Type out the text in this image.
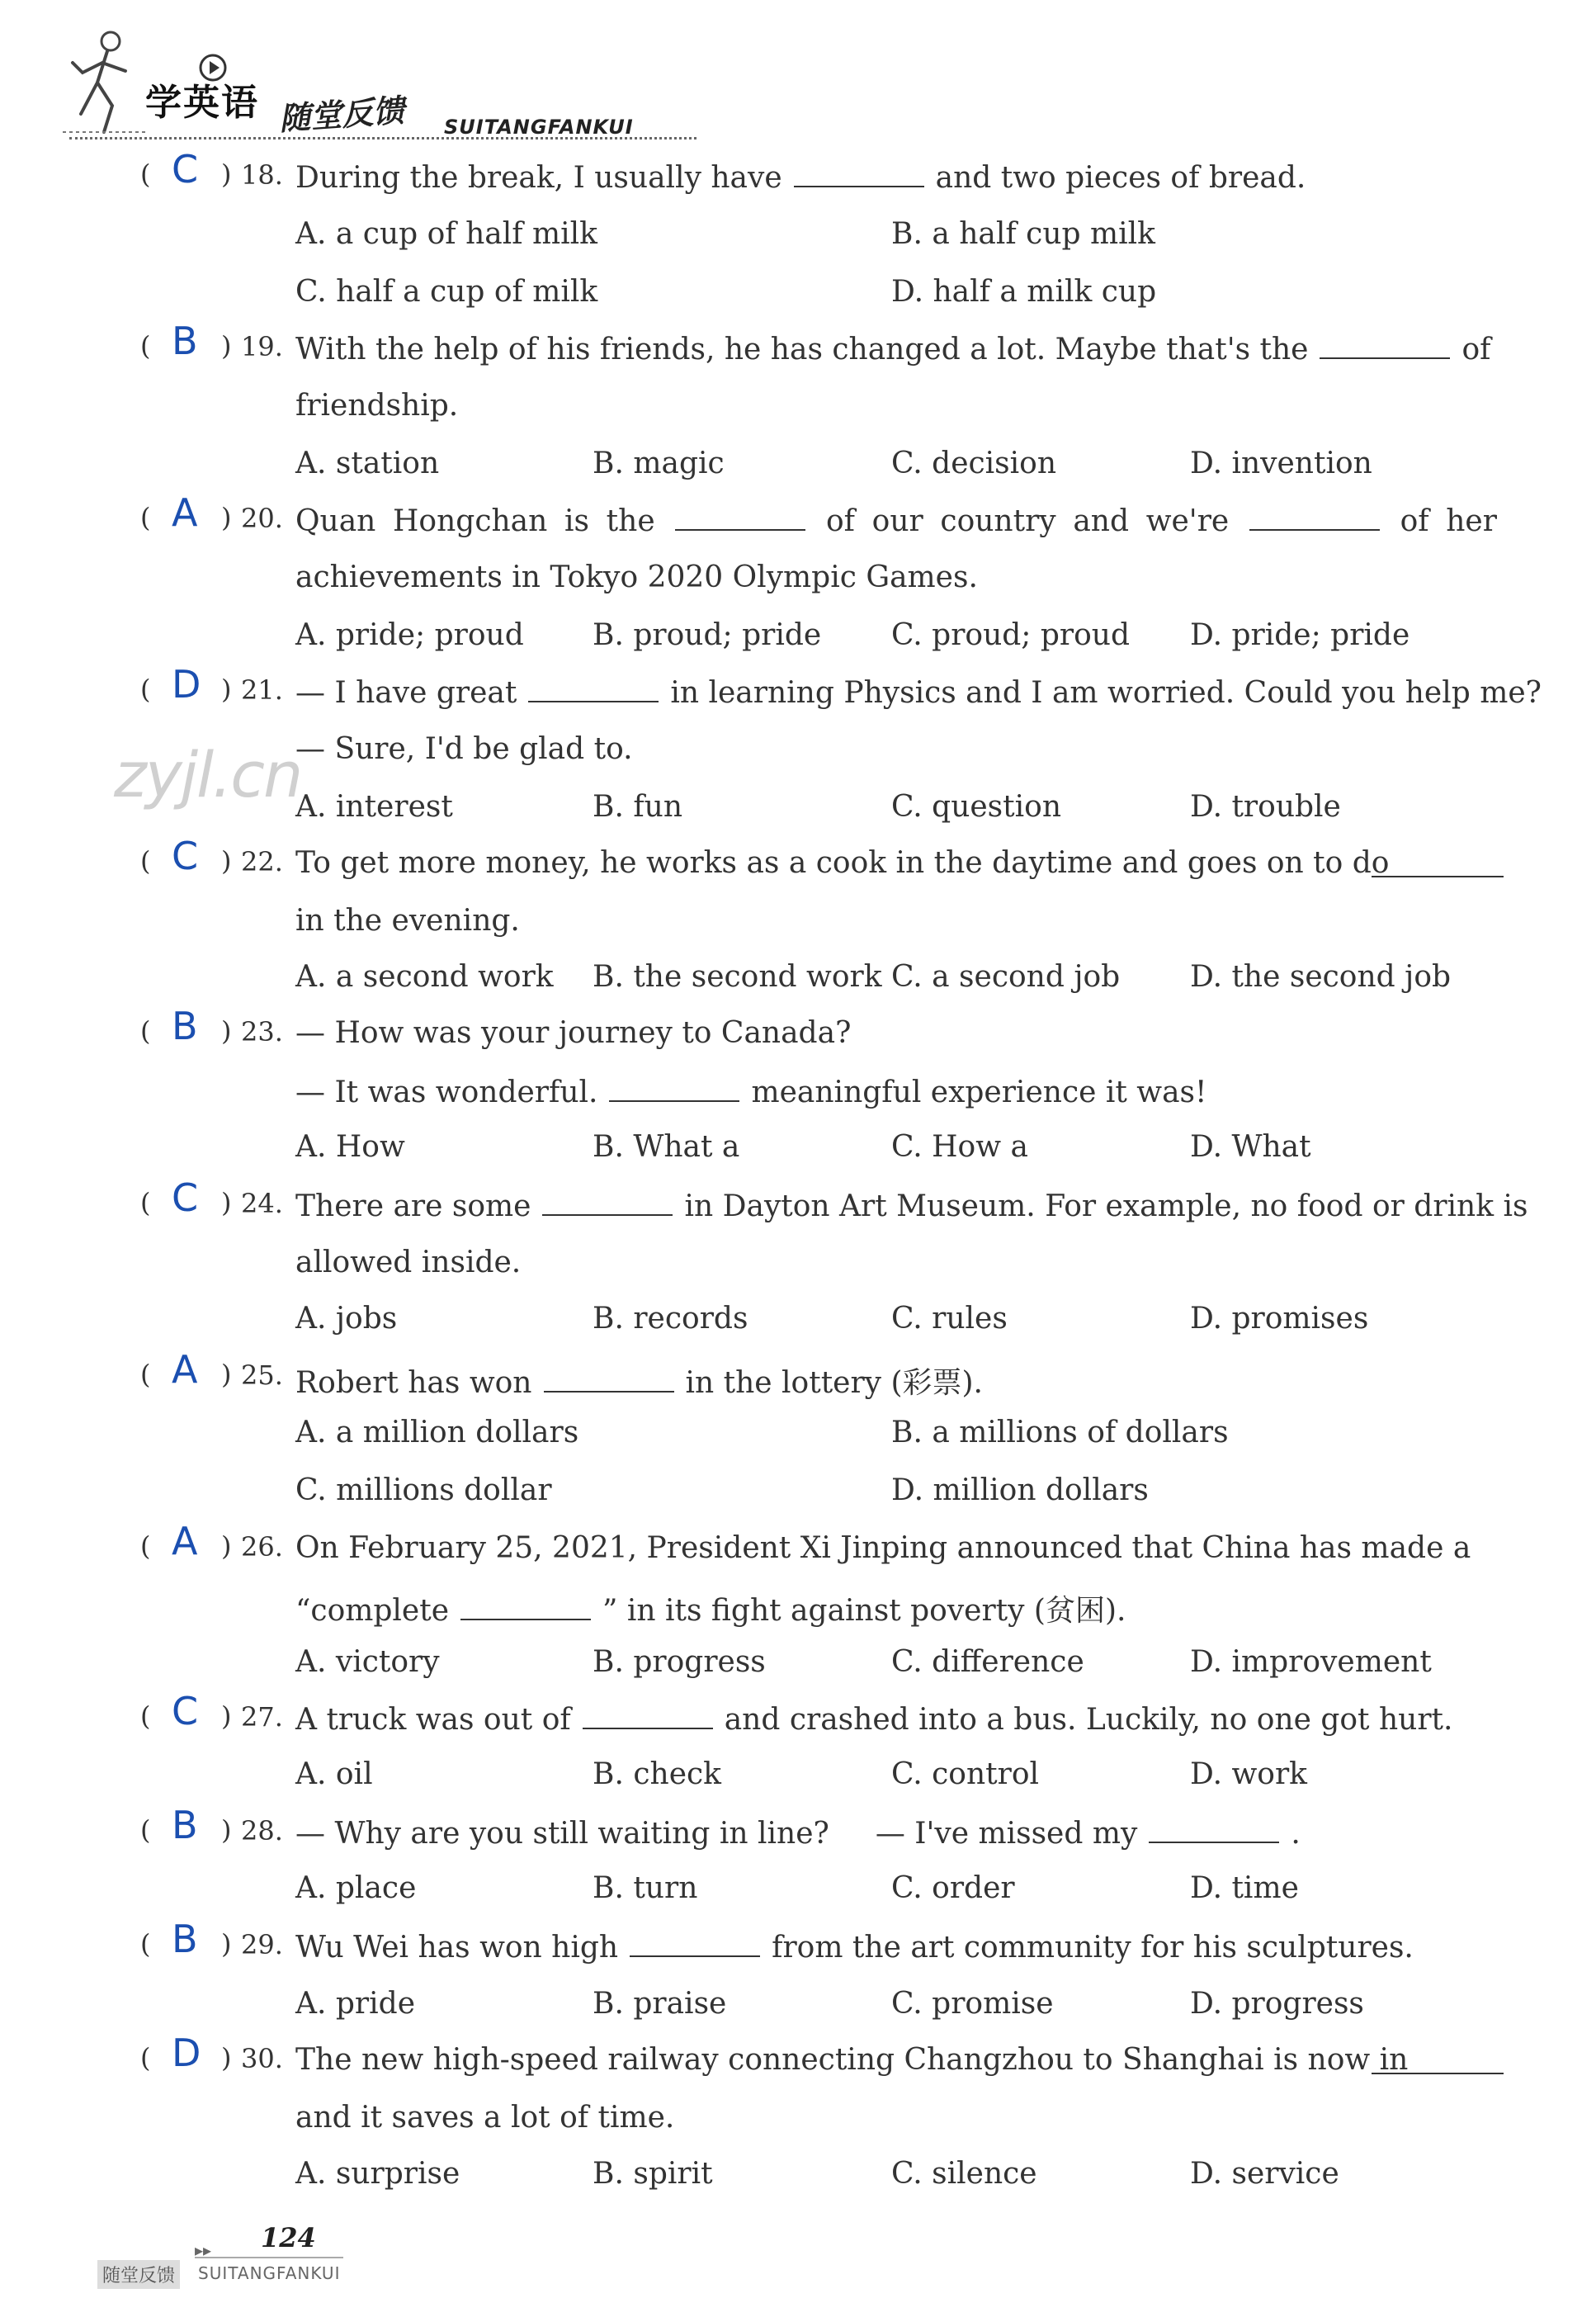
学英语 随堂反馈 SUITANGFANKUI
( C ) 18. During the break, I usually have	and two pieces of bread.
A. a cup of half milk	B. a half cup milk
C. half a cup of milk	D. half a milk cup
( B ) 19. With the help of his friends, he has changed a lot. Maybe that's the	of
friendship.
A. station	B. magic	C. decision	D. invention
( A ) 20. Quan Hongchan is the	of our country and we're	of her
achievements in Tokyo 2020 Olympic Games.
A. pride; proud B. proud; pride C. proud; proud D. pride; pride
( D ) 21. — I have great	in learning Physics and I am worried. Could you help me?
— Sure, I'd be glad to.
zyjl.cn
A. interest	B. fun	C. question	D. trouble
( C ) 22. To get more money, he works as a cook in the daytime and goes on to do
in the evening.
A. a second work B. the second work C. a second job D. the second job
( B ) 23. — How was your journey to Canada?
— It was wonderful.	meaningful experience it was!
A. How	B. What a	C. How a	D. What
( C ) 24. There are some	in Dayton Art Museum. For example, no food or drink is
allowed inside.
A. jobs	B. records	C. rules	D. promises
( A ) 25. Robert has won	in the lottery (彩票).
A. a million dollars	B. a millions of dollars
C. millions dollar	D. million dollars
( A ) 26. On February 25, 2021, President Xi Jinping announced that China has made a
“complete	” in its fight against poverty (贫困).
A. victory	B. progress	C. difference	D. improvement
( C ) 27. A truck was out of	and crashed into a bus. Luckily, no one got hurt.
A. oil	B. check	C. control	D. work
( B ) 28. — Why are you still waiting in line? — I've missed my	.
A. place	B. turn	C. order	D. time
( B ) 29. Wu Wei has won high	from the art community for his sculptures.
A. pride	B. praise	C. promise	D. progress
( D ) 30. The new high-speed railway connecting Changzhou to Shanghai is now in
and it saves a lot of time.
A. surprise	B. spirit	C. silence	D. service
▸▸ 124
随堂反馈	SUITANGFANKUI
